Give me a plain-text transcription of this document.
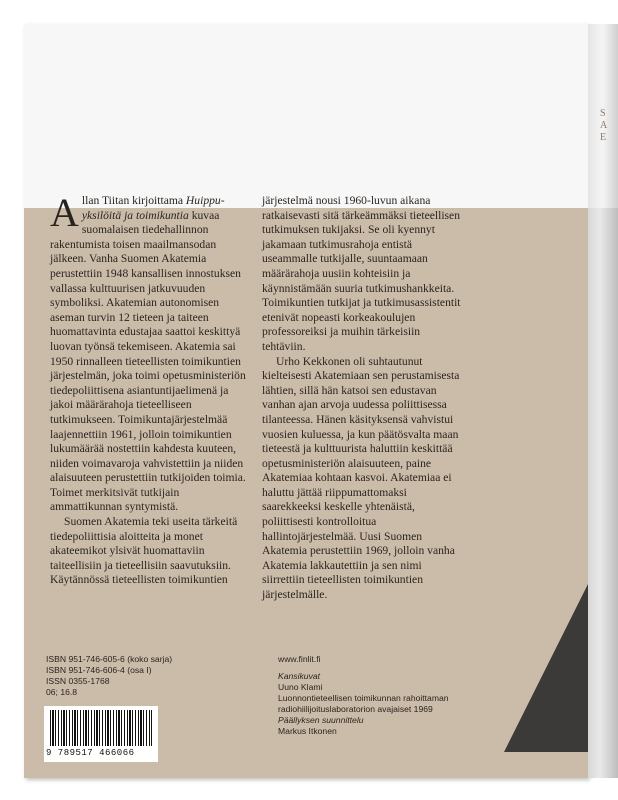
S
A
E

Allan Tiitan kirjoittama Huippuyksilöitä ja toimikuntia kuvaa suomalaisen tiedehallinnon rakentumista toisen maailmansodan jälkeen. Vanha Suomen Akatemia perustettiin 1948 kansallisen innostuksen vallassa kulttuurisen jatkuvuuden symboliksi. Akatemian autonomisen aseman turvin 12 tieteen ja taiteen huomattavinta edustajaa saattoi keskittyä luovan työnsä tekemiseen. Akatemia sai 1950 rinnalleen tieteellisten toimikuntien järjestelmän, joka toimi opetusministeriön tiedepoliittisena asiantuntijaelimenä ja jakoi määrärahoja tieteelliseen tutkimukseen. Toimikuntajärjestelmää laajennettiin 1961, jolloin toimikuntien lukumäärää nostettiin kahdesta kuuteen, niiden voimavaroja vahvistettiin ja niiden alaisuuteen perustettiin tutkijoiden toimia. Toimet merkitsivät tutkijain ammattikunnan syntymistä.

Suomen Akatemia teki useita tärkeitä tiedepoliittisia aloitteita ja monet akateemikot ylsivät huomattaviin taiteellisiin ja tieteellisiin saavutuksiin. Käytännössä tieteellisten toimikuntien

järjestelmä nousi 1960-luvun aikana ratkaisevasti sitä tärkeämmäksi tieteellisen tutkimuksen tukijaksi. Se oli kyennyt jakamaan tutkimusrahoja entistä useammalle tutkijalle, suuntaamaan määrärahoja uusiin kohteisiin ja käynnistämään suuria tutkimushankkeita. Toimikuntien tutkijat ja tutkimusassistentit etenivät nopeasti korkeakoulujen professoreiksi ja muihin tärkeisiin tehtäviin.

Urho Kekkonen oli suhtautunut kielteisesti Akatemiaan sen perustamisesta lähtien, sillä hän katsoi sen edustavan vanhan ajan arvoja uudessa poliittisessa tilanteessa. Hänen käsityksensä vahvistui vuosien kuluessa, ja kun päätösvalta maan tieteestä ja kulttuurista haluttiin keskittää opetusministeriön alaisuuteen, paine Akatemiaa kohtaan kasvoi. Akatemiaa ei haluttu jättää riippumattomaksi saarekkeeksi keskelle yhtenäistä, poliittisesti kontrolloitua hallintojärjestelmää. Uusi Suomen Akatemia perustettiin 1969, jolloin vanha Akatemia lakkautettiin ja sen nimi siirrettiin tieteellisten toimikuntien järjestelmälle.

ISBN 951-746-605-6 (koko sarja)
ISBN 951-746-606-4 (osa I)
ISSN 0355-1768
06; 16.8
9 789517 466066
www.finlit.fi
Kansikuvat
Uuno Klami
Luonnontieteellisen toimikunnan rahoittaman
radiohiilijoituslaboratorion avajaiset 1969
Päällyksen suunnittelu
Markus Itkonen
